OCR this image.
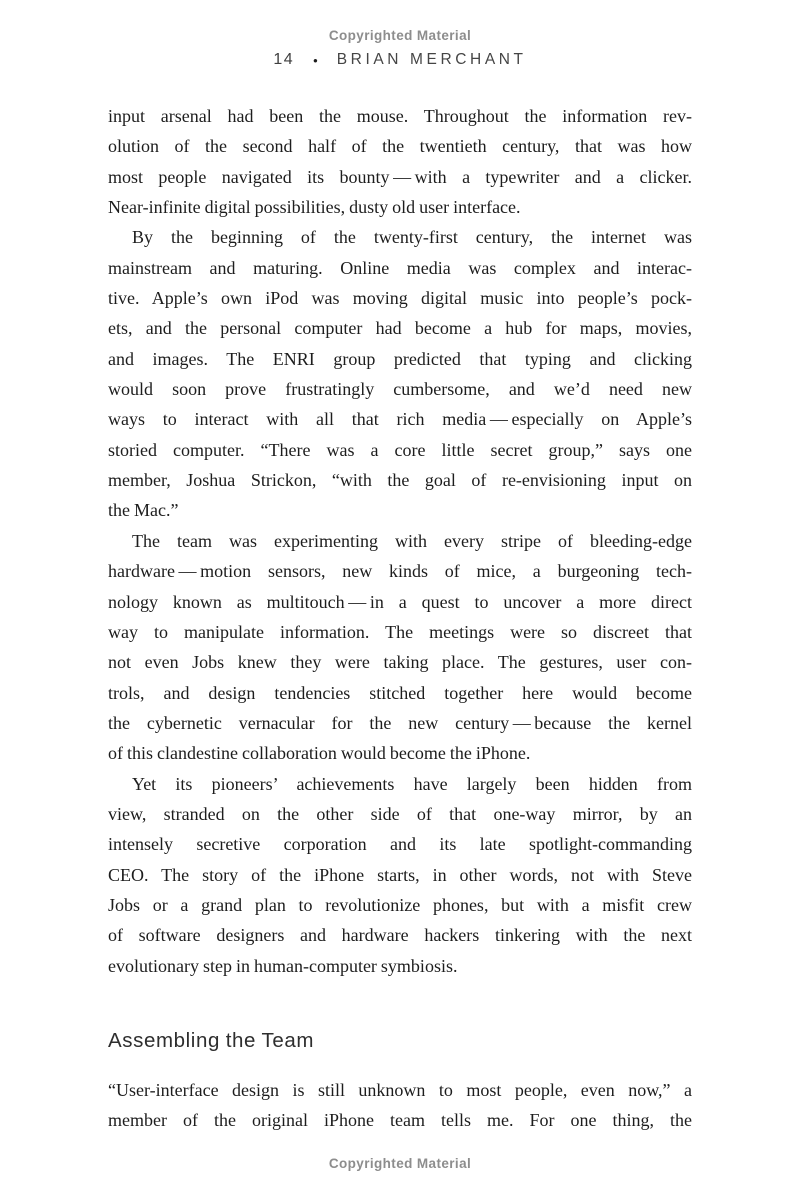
Copyrighted Material
14 • BRIAN MERCHANT
input arsenal had been the mouse. Throughout the information rev-
olution of the second half of the twentieth century, that was how
most people navigated its bounty — with a typewriter and a clicker.
Near-infinite digital possibilities, dusty old user interface.
By the beginning of the twenty-first century, the internet was
mainstream and maturing. Online media was complex and interac-
tive. Apple’s own iPod was moving digital music into people’s pock-
ets, and the personal computer had become a hub for maps, movies,
and images. The ENRI group predicted that typing and clicking
would soon prove frustratingly cumbersome, and we’d need new
ways to interact with all that rich media — especially on Apple’s
storied computer. “There was a core little secret group,” says one
member, Joshua Strickon, “with the goal of re-envisioning input on
the Mac.”
The team was experimenting with every stripe of bleeding-edge
hardware — motion sensors, new kinds of mice, a burgeoning tech-
nology known as multitouch — in a quest to uncover a more direct
way to manipulate information. The meetings were so discreet that
not even Jobs knew they were taking place. The gestures, user con-
trols, and design tendencies stitched together here would become
the cybernetic vernacular for the new century — because the kernel
of this clandestine collaboration would become the iPhone.
Yet its pioneers’ achievements have largely been hidden from
view, stranded on the other side of that one-way mirror, by an
intensely secretive corporation and its late spotlight-commanding
CEO. The story of the iPhone starts, in other words, not with Steve
Jobs or a grand plan to revolutionize phones, but with a misfit crew
of software designers and hardware hackers tinkering with the next
evolutionary step in human-computer symbiosis.
Assembling the Team
“User-interface design is still unknown to most people, even now,” a
member of the original iPhone team tells me. For one thing, the
Copyrighted Material
